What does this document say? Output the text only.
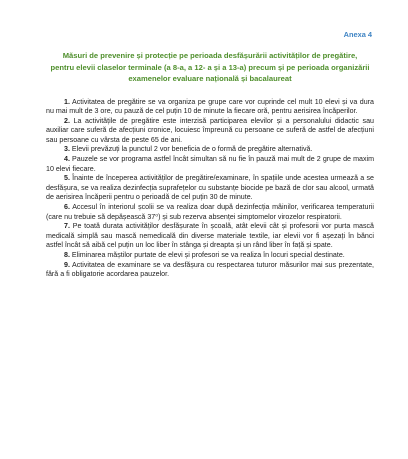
Anexa 4
Măsuri de prevenire și protecție pe perioada desfășurării activităților de pregătire, pentru elevii claselor terminale (a 8-a, a 12- a și a 13-a) precum și pe perioada organizării examenelor evaluare națională și bacalaureat

1. Activitatea de pregătire se va organiza pe grupe care vor cuprinde cel mult 10 elevi și va dura nu mai mult de 3 ore, cu pauză de cel puțin 10 de minute la fiecare oră, pentru aerisirea încăperilor.

2. La activitățile de pregătire este interzisă participarea elevilor și a personalului didactic sau auxiliar care suferă de afecțiuni cronice, locuiesc împreună cu persoane ce suferă de astfel de afecțiuni sau persoane cu vârsta de peste 65 de ani.

3. Elevii prevăzuți la punctul 2 vor beneficia de o formă de pregătire alternativă.

4. Pauzele se vor programa astfel încât simultan să nu fie în pauză mai mult de 2 grupe de maxim 10 elevi fiecare.

5. Înainte de începerea activităților de pregătire/examinare, în spațiile unde acestea urmează a se desfășura, se va realiza dezinfecția suprafețelor cu substanțe biocide pe bază de clor sau alcool, urmată de aerisirea încăperii pentru o perioadă de cel puțin 30 de minute.

6. Accesul în interiorul școlii se va realiza doar după dezinfecția mâinilor, verificarea temperaturii (care nu trebuie să depășească 37⁰) și sub rezerva absenței simptomelor virozelor respiratorii.

7. Pe toată durata activităților desfășurate în școală, atât elevii cât și profesorii vor purta mască medicală simplă sau mască nemedicală din diverse materiale textile, iar elevii vor fi așezați în bănci astfel încât să aibă cel puțin un loc liber în stânga și dreapta și un rând liber în față și spate.

8. Eliminarea măștilor purtate de elevi și profesori se va realiza în locuri special destinate.

9. Activitatea de examinare se va desfășura cu respectarea tuturor măsurilor mai sus prezentate, fără a fi obligatorie acordarea pauzelor.
